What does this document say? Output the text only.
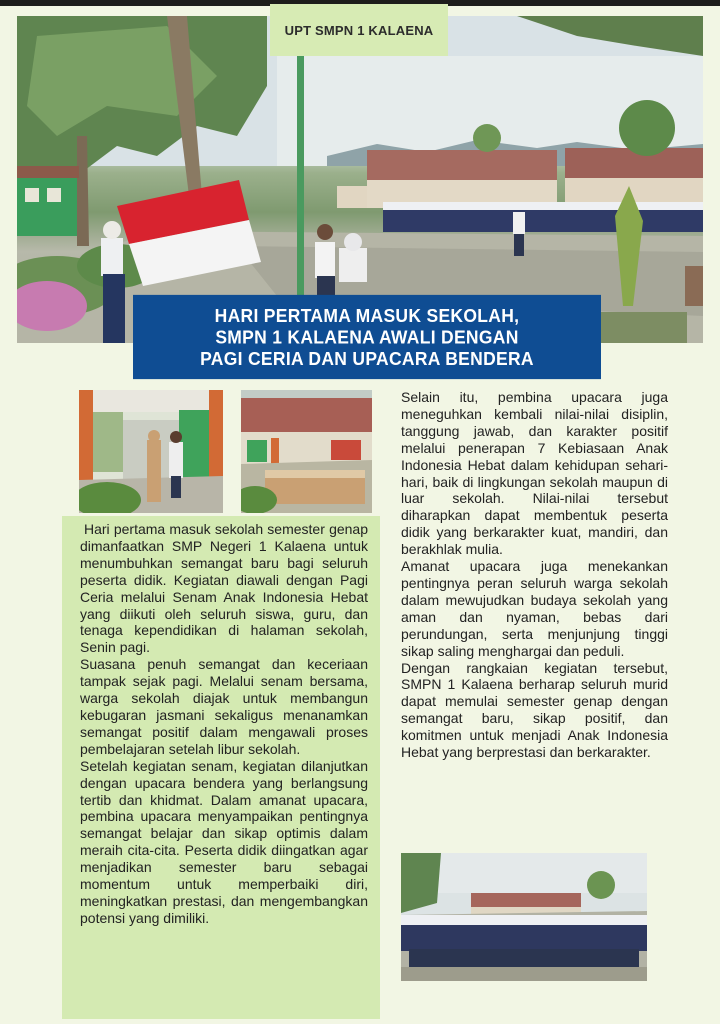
UPT SMPN 1 KALAENA
HARI PERTAMA MASUK SEKOLAH,
SMPN 1 KALAENA AWALI DENGAN
PAGI CERIA DAN UPACARA BENDERA

Hari pertama masuk sekolah semester genap dimanfaatkan SMP Negeri 1 Kalaena untuk menumbuhkan semangat baru bagi seluruh peserta didik. Kegiatan diawali dengan Pagi Ceria melalui Senam Anak Indonesia Hebat yang diikuti oleh seluruh siswa, guru, dan tenaga kependidikan di halaman sekolah, Senin pagi.

Suasana penuh semangat dan keceriaan tampak sejak pagi. Melalui senam bersama, warga sekolah diajak untuk membangun kebugaran jasmani sekaligus menanamkan semangat positif dalam mengawali proses pembelajaran setelah libur sekolah.

Setelah kegiatan senam, kegiatan dilanjutkan dengan upacara bendera yang berlangsung tertib dan khidmat. Dalam amanat upacara, pembina upacara menyampaikan pentingnya semangat belajar dan sikap optimis dalam meraih cita-cita. Peserta didik diingatkan agar menjadikan semester baru sebagai momentum untuk memperbaiki diri, meningkatkan prestasi, dan mengembangkan potensi yang dimiliki.

Selain itu, pembina upacara juga meneguhkan kembali nilai-nilai disiplin, tanggung jawab, dan karakter positif melalui penerapan 7 Kebiasaan Anak Indonesia Hebat dalam kehidupan sehari-hari, baik di lingkungan sekolah maupun di luar sekolah. Nilai-nilai tersebut diharapkan dapat membentuk peserta didik yang berkarakter kuat, mandiri, dan berakhlak mulia.

Amanat upacara juga menekankan pentingnya peran seluruh warga sekolah dalam mewujudkan budaya sekolah yang aman dan nyaman, bebas dari perundungan, serta menjunjung tinggi sikap saling menghargai dan peduli.

Dengan rangkaian kegiatan tersebut, SMPN 1 Kalaena berharap seluruh murid dapat memulai semester genap dengan semangat baru, sikap positif, dan komitmen untuk menjadi Anak Indonesia Hebat yang berprestasi dan berkarakter.
